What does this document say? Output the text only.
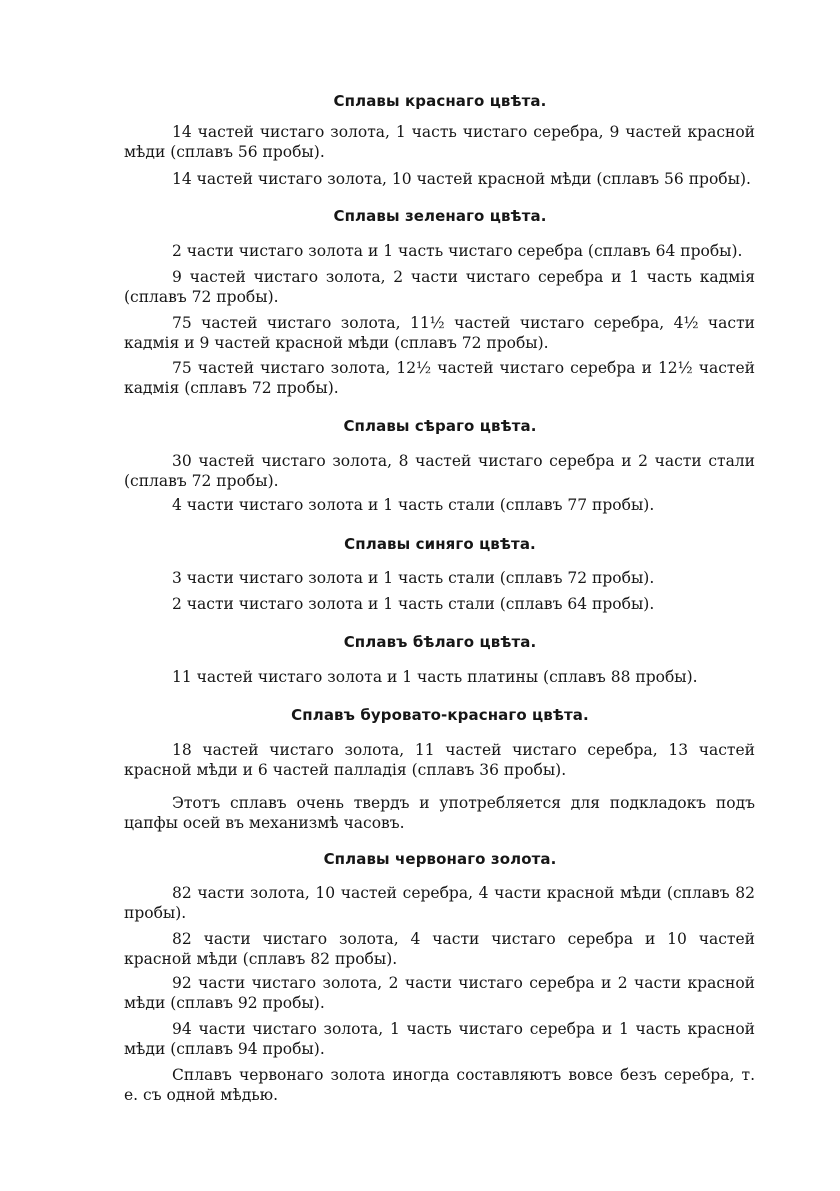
Сплавы краснаго цвѣта.
14 частей чистаго золота, 1 часть чистаго серебра, 9 частей красной мѣди (сплавъ 56 пробы).
14 частей чистаго золота, 10 частей красной мѣди (сплавъ 56 пробы).
Сплавы зеленаго цвѣта.
2 части чистаго золота и 1 часть чистаго серебра (сплавъ 64 пробы).
9 частей чистаго золота, 2 части чистаго серебра и 1 часть кадмія (сплавъ 72 пробы).
75 частей чистаго золота, 11½ частей чистаго серебра, 4½ части кадмія и 9 частей красной мѣди (сплавъ 72 пробы).
75 частей чистаго золота, 12½ частей чистаго серебра и 12½ частей кадмія (сплавъ 72 пробы).
Сплавы сѣраго цвѣта.
30 частей чистаго золота, 8 частей чистаго серебра и 2 части стали (сплавъ 72 пробы).
4 части чистаго золота и 1 часть стали (сплавъ 77 пробы).
Сплавы синяго цвѣта.
3 части чистаго золота и 1 часть стали (сплавъ 72 пробы).
2 части чистаго золота и 1 часть стали (сплавъ 64 пробы).
Сплавъ бѣлаго цвѣта.
11 частей чистаго золота и 1 часть платины (сплавъ 88 пробы).
Сплавъ буровато-краснаго цвѣта.
18 частей чистаго золота, 11 частей чистаго серебра, 13 частей красной мѣди и 6 частей палладія (сплавъ 36 пробы).
Этотъ сплавъ очень твердъ и употребляется для подкладокъ подъ цапфы осей въ механизмѣ часовъ.
Сплавы червонаго золота.
82 части золота, 10 частей серебра, 4 части красной мѣди (сплавъ 82 пробы).
82 части чистаго золота, 4 части чистаго серебра и 10 частей красной мѣди (сплавъ 82 пробы).
92 части чистаго золота, 2 части чистаго серебра и 2 части красной мѣди (сплавъ 92 пробы).
94 части чистаго золота, 1 часть чистаго серебра и 1 часть красной мѣди (сплавъ 94 пробы).
Сплавъ червонаго золота иногда составляютъ вовсе безъ серебра, т. е. съ одной мѣдью.
